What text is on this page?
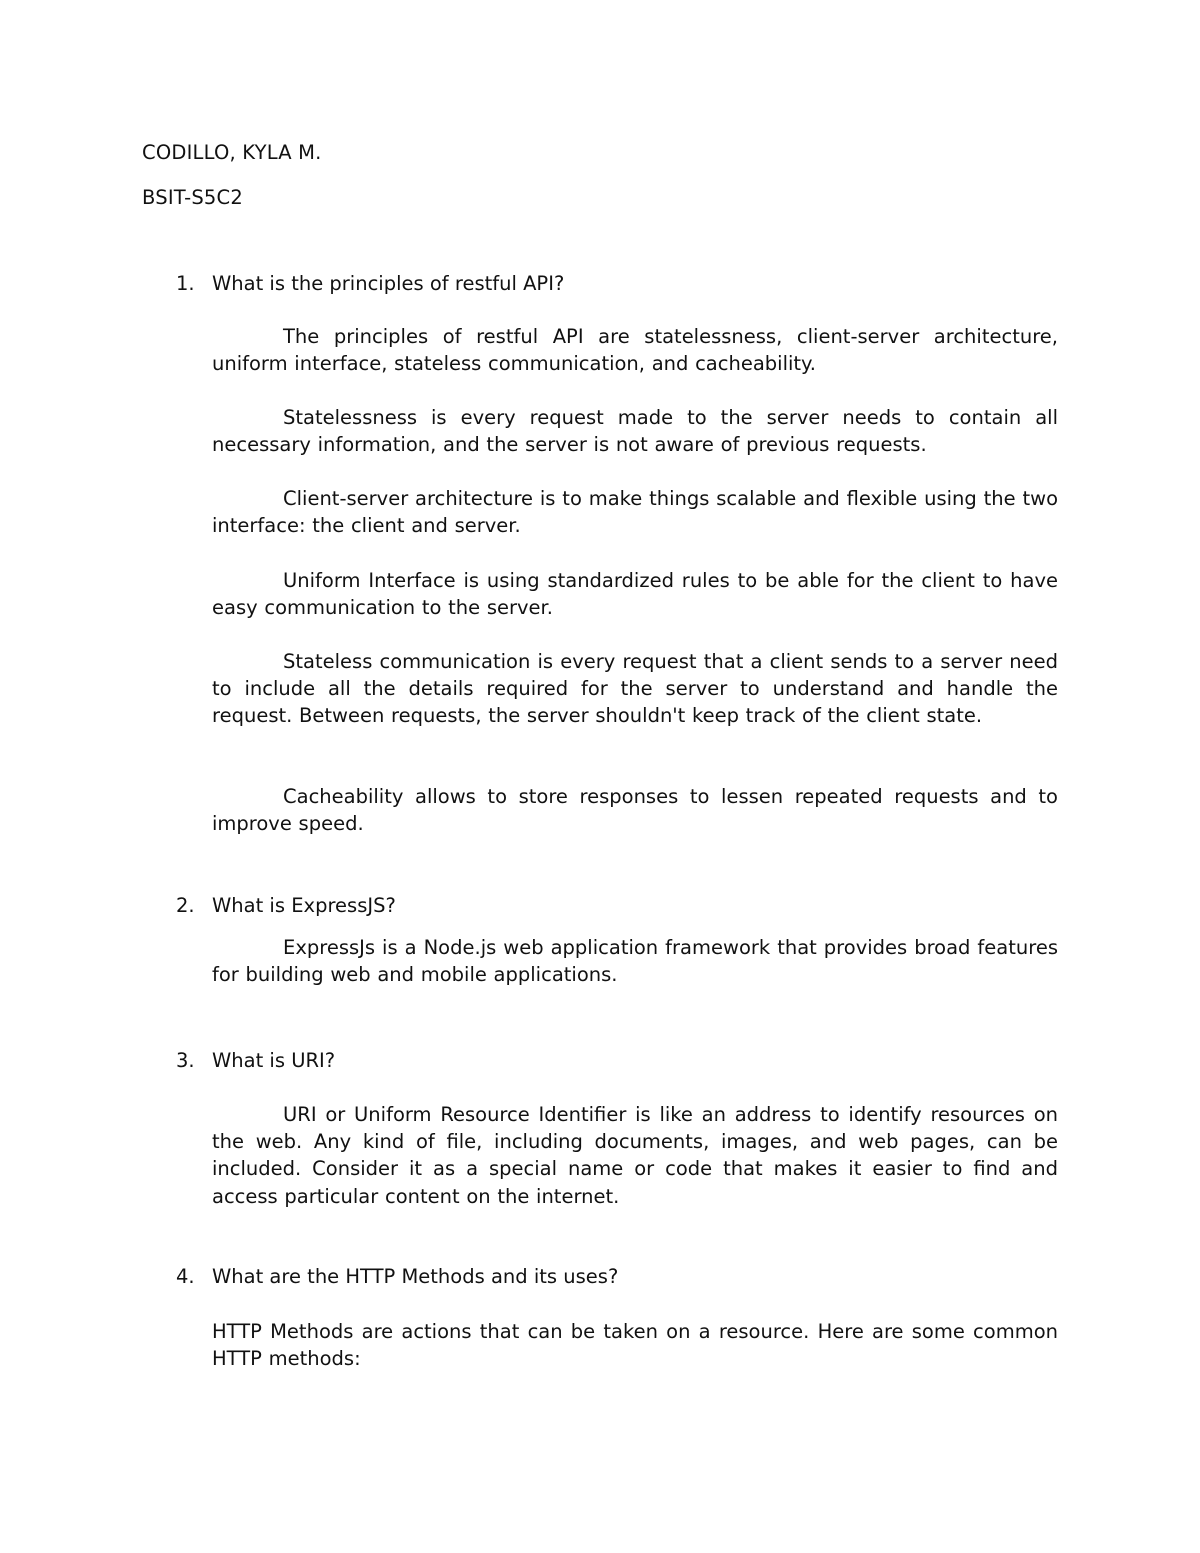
CODILLO, KYLA M.
BSIT-S5C2
1. What is the principles of restful API?
The principles of restful API are statelessness, client-server architecture, uniform interface, stateless communication, and cacheability.
Statelessness is every request made to the server needs to contain all necessary information, and the server is not aware of previous requests.
Client-server architecture is to make things scalable and flexible using the two interface: the client and server.
Uniform Interface is using standardized rules to be able for the client to have easy communication to the server.
Stateless communication is every request that a client sends to a server need to include all the details required for the server to understand and handle the request. Between requests, the server shouldn't keep track of the client state.
Cacheability allows to store responses to lessen repeated requests and to improve speed.
2. What is ExpressJS?
ExpressJs is a Node.js web application framework that provides broad features for building web and mobile applications.
3. What is URI?
URI or Uniform Resource Identifier is like an address to identify resources on the web. Any kind of file, including documents, images, and web pages, can be included. Consider it as a special name or code that makes it easier to find and access particular content on the internet.
4. What are the HTTP Methods and its uses?
HTTP Methods are actions that can be taken on a resource. Here are some common HTTP methods:
